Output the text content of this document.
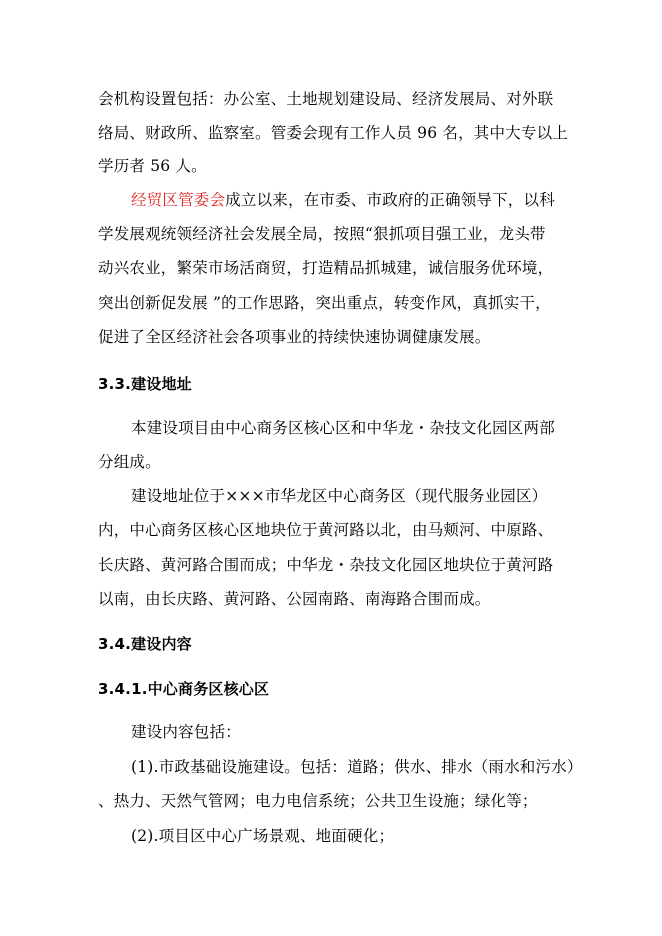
会机构设置包括：办公室、土地规划建设局、经济发展局、对外联
络局、财政所、监察室。管委会现有工作人员 96 名，其中大专以上
学历者 56 人。
经贸区管委会成立以来，在市委、市政府的正确领导下，以科
学发展观统领经济社会发展全局，按照“狠抓项目强工业，龙头带
动兴农业，繁荣市场活商贸，打造精品抓城建，诚信服务优环境，
突出创新促发展 ”的工作思路，突出重点，转变作风，真抓实干，
促进了全区经济社会各项事业的持续快速协调健康发展。
3.3.建设地址
本建设项目由中心商务区核心区和中华龙・杂技文化园区两部
分组成。
建设地址位于×××市华龙区中心商务区（现代服务业园区）
内，中心商务区核心区地块位于黄河路以北，由马颊河、中原路、
长庆路、黄河路合围而成；中华龙・杂技文化园区地块位于黄河路
以南，由长庆路、黄河路、公园南路、南海路合围而成。
3.4.建设内容
3.4.1.中心商务区核心区
建设内容包括：
(1).市政基础设施建设。包括：道路；供水、排水（雨水和污水）
、热力、天然气管网；电力电信系统；公共卫生设施；绿化等；
(2).项目区中心广场景观、地面硬化；
